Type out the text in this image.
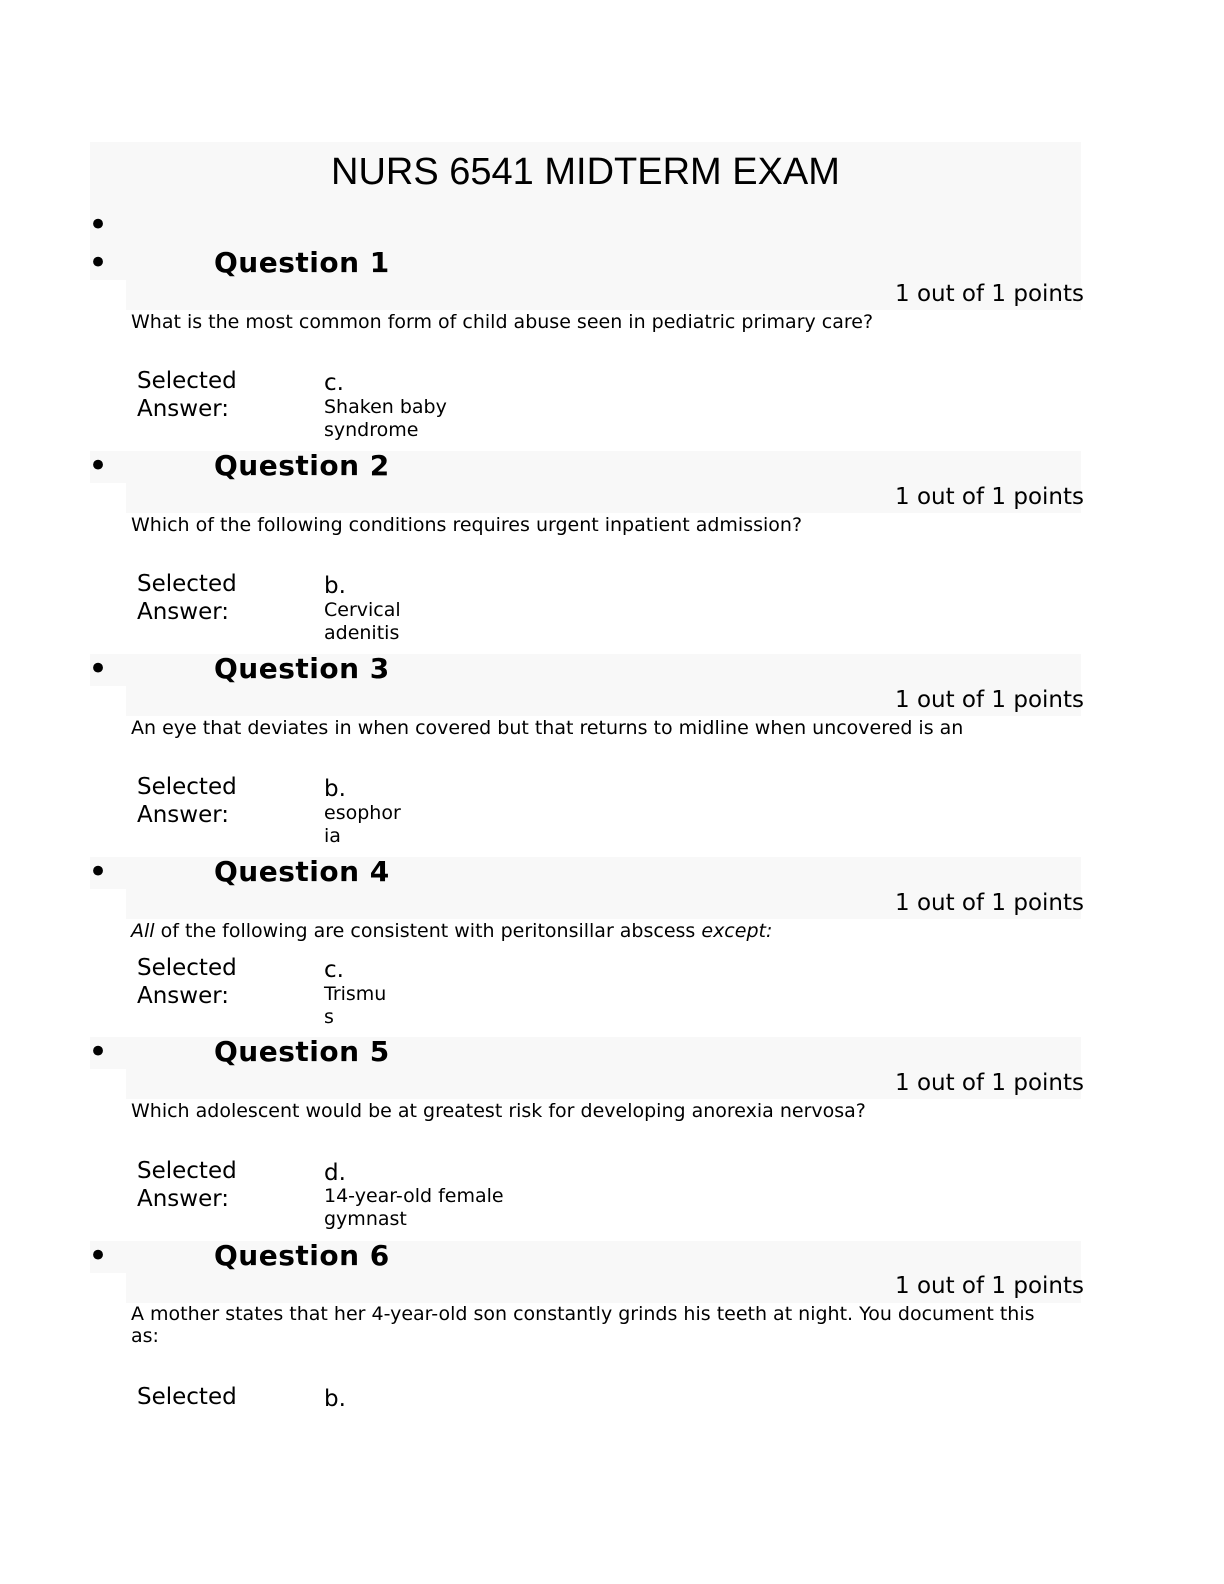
NURS 6541 MIDTERM EXAM
•
•	Question 1
1 out of 1 points
What is the most common form of child abuse seen in pediatric primary care?
Selected
Answer:
c.
Shaken baby
syndrome
•	Question 2
1 out of 1 points
Which of the following conditions requires urgent inpatient admission?
Selected
Answer:
b.
Cervical
adenitis
•	Question 3
1 out of 1 points
An eye that deviates in when covered but that returns to midline when uncovered is an
Selected
Answer:
b.
esophor
ia
•	Question 4
1 out of 1 points
All of the following are consistent with peritonsillar abscess except:
Selected
Answer:
c.
Trismu
s
•	Question 5
1 out of 1 points
Which adolescent would be at greatest risk for developing anorexia nervosa?
Selected
Answer:
d.
14-year-old female
gymnast
•	Question 6
1 out of 1 points
A mother states that her 4-year-old son constantly grinds his teeth at night. You document this as:
Selected	b.
